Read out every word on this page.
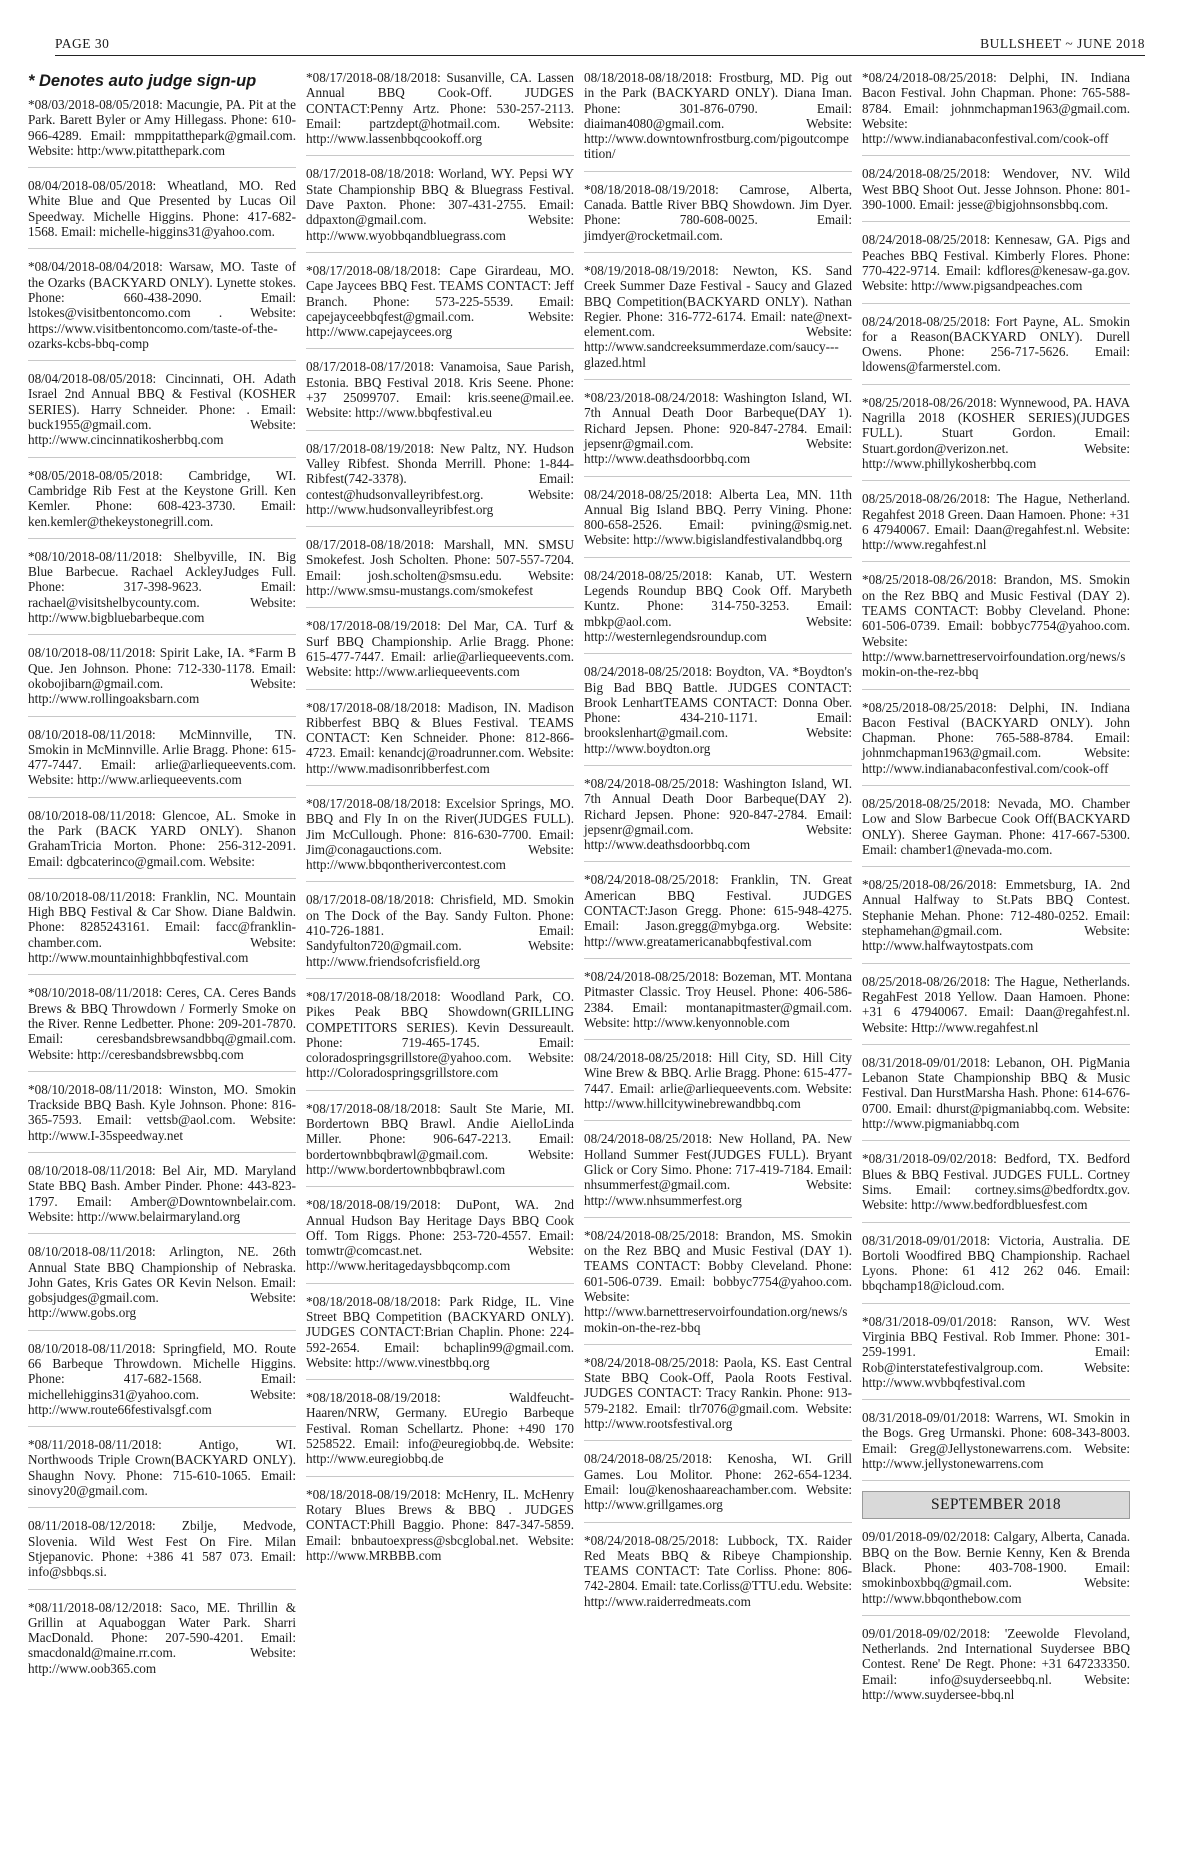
PAGE 30	BULLSHEET ~ JUNE 2018
* Denotes auto judge sign-up
*08/03/2018-08/05/2018: Macungie, PA. Pit at the Park. Barett Byler or Amy Hillegass. Phone: 610-966-4289. Email: mmppitatthepark@gmail.com. Website: http:/www.pitatthepark.com
08/04/2018-08/05/2018: Wheatland, MO. Red White Blue and Que Presented by Lucas Oil Speedway. Michelle Higgins. Phone: 417-682-1568. Email: michelle-higgins31@yahoo.com.
*08/04/2018-08/04/2018: Warsaw, MO. Taste of the Ozarks (BACKYARD ONLY). Lynette stokes. Phone: 660-438-2090. Email: lstokes@visitbentoncomo.com . Website: https://www.visitbentoncomo.com/taste-of-the-ozarks-kcbs-bbq-comp
08/04/2018-08/05/2018: Cincinnati, OH. Adath Israel 2nd Annual BBQ & Festival (KOSHER SERIES). Harry Schneider. Phone: . Email: buck1955@gmail.com. Website: http://www.cincinnatikosherbbq.com
*08/05/2018-08/05/2018: Cambridge, WI. Cambridge Rib Fest at the Keystone Grill. Ken Kemler. Phone: 608-423-3730. Email: ken.kemler@thekeystonegrill.com.
*08/10/2018-08/11/2018: Shelbyville, IN. Big Blue Barbecue. Rachael AckleyJudges Full. Phone: 317-398-9623. Email: rachael@visitshelbycounty.com. Website: http://www.bigbluebarbeque.com
08/10/2018-08/11/2018: Spirit Lake, IA. *Farm B Que. Jen Johnson. Phone: 712-330-1178. Email: okobojibarn@gmail.com. Website: http://www.rollingoaksbarn.com
08/10/2018-08/11/2018: McMinnville, TN. Smokin in McMinnville. Arlie Bragg. Phone: 615-477-7447. Email: arlie@arliequeevents.com. Website: http://www.arliequeevents.com
08/10/2018-08/11/2018: Glencoe, AL. Smoke in the Park (BACK YARD ONLY). Shanon GrahamTricia Morton. Phone: 256-312-2091. Email: dgbcaterinco@gmail.com. Website:
08/10/2018-08/11/2018: Franklin, NC. Mountain High BBQ Festival & Car Show. Diane Baldwin. Phone: 8285243161. Email: facc@franklin-chamber.com. Website: http://www.mountainhighbbqfestival.com
*08/10/2018-08/11/2018: Ceres, CA. Ceres Bands Brews & BBQ Throwdown / Formerly Smoke on the River. Renne Ledbetter. Phone: 209-201-7870. Email: ceresbandsbrewsandbbq@gmail.com. Website: http://ceresbandsbrewsbbq.com
*08/10/2018-08/11/2018: Winston, MO. Smokin Trackside BBQ Bash. Kyle Johnson. Phone: 816-365-7593. Email: vettsb@aol.com. Website: http://www.I-35speedway.net
08/10/2018-08/11/2018: Bel Air, MD. Maryland State BBQ Bash. Amber Pinder. Phone: 443-823-1797. Email: Amber@Downtownbelair.com. Website: http://www.belairmaryland.org
08/10/2018-08/11/2018: Arlington, NE. 26th Annual State BBQ Championship of Nebraska. John Gates, Kris Gates OR Kevin Nelson. Email: gobsjudges@gmail.com. Website: http://www.gobs.org
08/10/2018-08/11/2018: Springfield, MO. Route 66 Barbeque Throwdown. Michelle Higgins. Phone: 417-682-1568. Email: michellehiggins31@yahoo.com. Website: http://www.route66festivalsgf.com
*08/11/2018-08/11/2018: Antigo, WI. Northwoods Triple Crown(BACKYARD ONLY). Shaughn Novy. Phone: 715-610-1065. Email: sinovy20@gmail.com.
08/11/2018-08/12/2018: Zbilje, Medvode, Slovenia. Wild West Fest On Fire. Milan Stjepanovic. Phone: +386 41 587 073. Email: info@sbbqs.si.
*08/11/2018-08/12/2018: Saco, ME. Thrillin & Grillin at Aquaboggan Water Park. Sharri MacDonald. Phone: 207-590-4201. Email: smacdonald@maine.rr.com. Website: http://www.oob365.com
*08/17/2018-08/18/2018: Susanville, CA. Lassen Annual BBQ Cook-Off. JUDGES CONTACT:Penny Artz. Phone: 530-257-2113. Email: partzdept@hotmail.com. Website: http://www.lassenbbqcookoff.org
08/17/2018-08/18/2018: Worland, WY. Pepsi WY State Championship BBQ & Bluegrass Festival. Dave Paxton. Phone: 307-431-2755. Email: ddpaxton@gmail.com. Website: http://www.wyobbqandbluegrass.com
*08/17/2018-08/18/2018: Cape Girardeau, MO. Cape Jaycees BBQ Fest. TEAMS CONTACT: Jeff Branch. Phone: 573-225-5539. Email: capejayceebbqfest@gmail.com. Website: http://www.capejaycees.org
08/17/2018-08/17/2018: Vanamoisa, Saue Parish, Estonia. BBQ Festival 2018. Kris Seene. Phone: +37 25099707. Email: kris.seene@mail.ee. Website: http://www.bbqfestival.eu
08/17/2018-08/19/2018: New Paltz, NY. Hudson Valley Ribfest. Shonda Merrill. Phone: 1-844-Ribfest(742-3378). Email: contest@hudsonvalleyribfest.org. Website: http://www.hudsonvalleyribfest.org
08/17/2018-08/18/2018: Marshall, MN. SMSU Smokefest. Josh Scholten. Phone: 507-557-7204. Email: josh.scholten@smsu.edu. Website: http://www.smsu-mustangs.com/smokefest
*08/17/2018-08/19/2018: Del Mar, CA. Turf & Surf BBQ Championship. Arlie Bragg. Phone: 615-477-7447. Email: arlie@arliequeevents.com. Website: http://www.arliequeevents.com
*08/17/2018-08/18/2018: Madison, IN. Madison Ribberfest BBQ & Blues Festival. TEAMS CONTACT: Ken Schneider. Phone: 812-866-4723. Email: kenandcj@roadrunner.com. Website: http://www.madisonribberfest.com
*08/17/2018-08/18/2018: Excelsior Springs, MO. BBQ and Fly In on the River(JUDGES FULL). Jim McCullough. Phone: 816-630-7700. Email: Jim@conagauctions.com. Website: http://www.bbqontherivercontest.com
08/17/2018-08/18/2018: Chrisfield, MD. Smokin on The Dock of the Bay. Sandy Fulton. Phone: 410-726-1881. Email: Sandyfulton720@gmail.com. Website: http://www.friendsofcrisfield.org
*08/17/2018-08/18/2018: Woodland Park, CO. Pikes Peak BBQ Showdown(GRILLING COMPETITORS SERIES). Kevin Dessureault. Phone: 719-465-1745. Email: coloradospringsgrillstore@yahoo.com. Website: http://Coloradospringsgrillstore.com
*08/17/2018-08/18/2018: Sault Ste Marie, MI. Bordertown BBQ Brawl. Andie AielloLinda Miller. Phone: 906-647-2213. Email: bordertownbbqbrawl@gmail.com. Website: http://www.bordertownbbqbrawl.com
*08/18/2018-08/19/2018: DuPont, WA. 2nd Annual Hudson Bay Heritage Days BBQ Cook Off. Tom Riggs. Phone: 253-720-4557. Email: tomwtr@comcast.net. Website: http://www.heritagedaysbbqcomp.com
*08/18/2018-08/18/2018: Park Ridge, IL. Vine Street BBQ Competition (BACKYARD ONLY). JUDGES CONTACT:Brian Chaplin. Phone: 224-592-2654. Email: bchaplin99@gmail.com. Website: http://www.vinestbbq.org
*08/18/2018-08/19/2018: Waldfeucht-Haaren/NRW, Germany. EUregio Barbeque Festival. Roman Schellartz. Phone: +490 170 5258522. Email: info@euregiobbq.de. Website: http://www.euregiobbq.de
*08/18/2018-08/19/2018: McHenry, IL. McHenry Rotary Blues Brews & BBQ . JUDGES CONTACT:Phill Baggio. Phone: 847-347-5859. Email: bnbautoexpress@sbcglobal.net. Website: http://www.MRBBB.com
08/18/2018-08/18/2018: Frostburg, MD. Pig out in the Park (BACKYARD ONLY). Diana Iman. Phone: 301-876-0790. Email: diaiman4080@gmail.com. Website: http://www.downtownfrostburg.com/pigoutcompetition/
*08/18/2018-08/19/2018: Camrose, Alberta, Canada. Battle River BBQ Showdown. Jim Dyer. Phone: 780-608-0025. Email: jimdyer@rocketmail.com.
*08/19/2018-08/19/2018: Newton, KS. Sand Creek Summer Daze Festival - Saucy and Glazed BBQ Competition(BACKYARD ONLY). Nathan Regier. Phone: 316-772-6174. Email: nate@next-element.com. Website: http://www.sandcreeksummerdaze.com/saucy---glazed.html
*08/23/2018-08/24/2018: Washington Island, WI. 7th Annual Death Door Barbeque(DAY 1). Richard Jepsen. Phone: 920-847-2784. Email: jepsenr@gmail.com. Website: http://www.deathsdoorbbq.com
08/24/2018-08/25/2018: Alberta Lea, MN. 11th Annual Big Island BBQ. Perry Vining. Phone: 800-658-2526. Email: pvining@smig.net. Website: http://www.bigislandfestivalandbbq.org
08/24/2018-08/25/2018: Kanab, UT. Western Legends Roundup BBQ Cook Off. Marybeth Kuntz. Phone: 314-750-3253. Email: mbkp@aol.com. Website: http://westernlegendsroundup.com
08/24/2018-08/25/2018: Boydton, VA. *Boydton's Big Bad BBQ Battle. JUDGES CONTACT: Brook LenhartTEAMS CONTACT: Donna Ober. Phone: 434-210-1171. Email: brookslenhart@gmail.com. Website: http://www.boydton.org
*08/24/2018-08/25/2018: Washington Island, WI. 7th Annual Death Door Barbeque(DAY 2). Richard Jepsen. Phone: 920-847-2784. Email: jepsenr@gmail.com. Website: http://www.deathsdoorbbq.com
*08/24/2018-08/25/2018: Franklin, TN. Great American BBQ Festival. JUDGES CONTACT:Jason Gregg. Phone: 615-948-4275. Email: Jason.gregg@mybga.org. Website: http://www.greatamericanabbqfestival.com
*08/24/2018-08/25/2018: Bozeman, MT. Montana Pitmaster Classic. Troy Heusel. Phone: 406-586-2384. Email: montanapitmaster@gmail.com. Website: http://www.kenyonnoble.com
08/24/2018-08/25/2018: Hill City, SD. Hill City Wine Brew & BBQ. Arlie Bragg. Phone: 615-477-7447. Email: arlie@arliequeevents.com. Website: http://www.hillcitywinebrewandbbq.com
08/24/2018-08/25/2018: New Holland, PA. New Holland Summer Fest(JUDGES FULL). Bryant Glick or Cory Simo. Phone: 717-419-7184. Email: nhsummerfest@gmail.com. Website: http://www.nhsummerfest.org
*08/24/2018-08/25/2018: Brandon, MS. Smokin on the Rez BBQ and Music Festival (DAY 1). TEAMS CONTACT: Bobby Cleveland. Phone: 601-506-0739. Email: bobbyc7754@yahoo.com. Website: http://www.barnettreservoirfoundation.org/news/smokin-on-the-rez-bbq
*08/24/2018-08/25/2018: Paola, KS. East Central State BBQ Cook-Off, Paola Roots Festival. JUDGES CONTACT: Tracy Rankin. Phone: 913-579-2182. Email: tlr7076@gmail.com. Website: http://www.rootsfestival.org
08/24/2018-08/25/2018: Kenosha, WI. Grill Games. Lou Molitor. Phone: 262-654-1234. Email: lou@kenoshaareachamber.com. Website: http://www.grillgames.org
*08/24/2018-08/25/2018: Lubbock, TX. Raider Red Meats BBQ & Ribeye Championship. TEAMS CONTACT: Tate Corliss. Phone: 806-742-2804. Email: tate.Corliss@TTU.edu. Website: http://www.raiderredmeats.com
*08/24/2018-08/25/2018: Delphi, IN. Indiana Bacon Festival. John Chapman. Phone: 765-588-8784. Email: johnmchapman1963@gmail.com. Website: http://www.indianabaconfestival.com/cook-off
08/24/2018-08/25/2018: Wendover, NV. Wild West BBQ Shoot Out. Jesse Johnson. Phone: 801-390-1000. Email: jesse@bigjohnsonsbbq.com.
08/24/2018-08/25/2018: Kennesaw, GA. Pigs and Peaches BBQ Festival. Kimberly Flores. Phone: 770-422-9714. Email: kdflores@kenesaw-ga.gov. Website: http://www.pigsandpeaches.com
08/24/2018-08/25/2018: Fort Payne, AL. Smokin for a Reason(BACKYARD ONLY). Durell Owens. Phone: 256-717-5626. Email: ldowens@farmerstel.com.
*08/25/2018-08/26/2018: Wynnewood, PA. HAVA Nagrilla 2018 (KOSHER SERIES)(JUDGES FULL). Stuart Gordon. Email: Stuart.gordon@verizon.net. Website: http://www.phillykosherbbq.com
08/25/2018-08/26/2018: The Hague, Netherland. Regahfest 2018 Green. Daan Hamoen. Phone: +31 6 47940067. Email: Daan@regahfest.nl. Website: http://www.regahfest.nl
*08/25/2018-08/26/2018: Brandon, MS. Smokin on the Rez BBQ and Music Festival (DAY 2). TEAMS CONTACT: Bobby Cleveland. Phone: 601-506-0739. Email: bobbyc7754@yahoo.com. Website: http://www.barnettreservoirfoundation.org/news/smokin-on-the-rez-bbq
*08/25/2018-08/25/2018: Delphi, IN. Indiana Bacon Festival (BACKYARD ONLY). John Chapman. Phone: 765-588-8784. Email: johnmchapman1963@gmail.com. Website: http://www.indianabaconfestival.com/cook-off
08/25/2018-08/25/2018: Nevada, MO. Chamber Low and Slow Barbecue Cook Off(BACKYARD ONLY). Sheree Gayman. Phone: 417-667-5300. Email: chamber1@nevada-mo.com.
*08/25/2018-08/26/2018: Emmetsburg, IA. 2nd Annual Halfway to St.Pats BBQ Contest. Stephanie Mehan. Phone: 712-480-0252. Email: stephamehan@gmail.com. Website: http://www.halfwaytostpats.com
08/25/2018-08/26/2018: The Hague, Netherlands. RegahFest 2018 Yellow. Daan Hamoen. Phone: +31 6 47940067. Email: Daan@regahfest.nl. Website: Http://www.regahfest.nl
08/31/2018-09/01/2018: Lebanon, OH. PigMania Lebanon State Championship BBQ & Music Festival. Dan HurstMarsha Hash. Phone: 614-676-0700. Email: dhurst@pigmaniabbq.com. Website: http://www.pigmaniabbq.com
*08/31/2018-09/02/2018: Bedford, TX. Bedford Blues & BBQ Festival. JUDGES FULL. Cortney Sims. Email: cortney.sims@bedfordtx.gov. Website: http://www.bedfordbluesfest.com
08/31/2018-09/01/2018: Victoria, Australia. DE Bortoli Woodfired BBQ Championship. Rachael Lyons. Phone: 61 412 262 046. Email: bbqchamp18@icloud.com.
*08/31/2018-09/01/2018: Ranson, WV. West Virginia BBQ Festival. Rob Immer. Phone: 301-259-1991. Email: Rob@interstatefestivalgroup.com. Website: http://www.wvbbqfestival.com
08/31/2018-09/01/2018: Warrens, WI. Smokin in the Bogs. Greg Urmanski. Phone: 608-343-8003. Email: Greg@Jellystonewarrens.com. Website: http://www.jellystonewarrens.com
SEPTEMBER 2018
09/01/2018-09/02/2018: Calgary, Alberta, Canada. BBQ on the Bow. Bernie Kenny, Ken & Brenda Black. Phone: 403-708-1900. Email: smokinboxbbq@gmail.com. Website: http://www.bbqonthebow.com
09/01/2018-09/02/2018: 'Zeewolde Flevoland, Netherlands. 2nd International Suydersee BBQ Contest. Rene' De Regt. Phone: +31 647233350. Email: info@suyderseebbq.nl. Website: http://www.suydersee-bbq.nl
